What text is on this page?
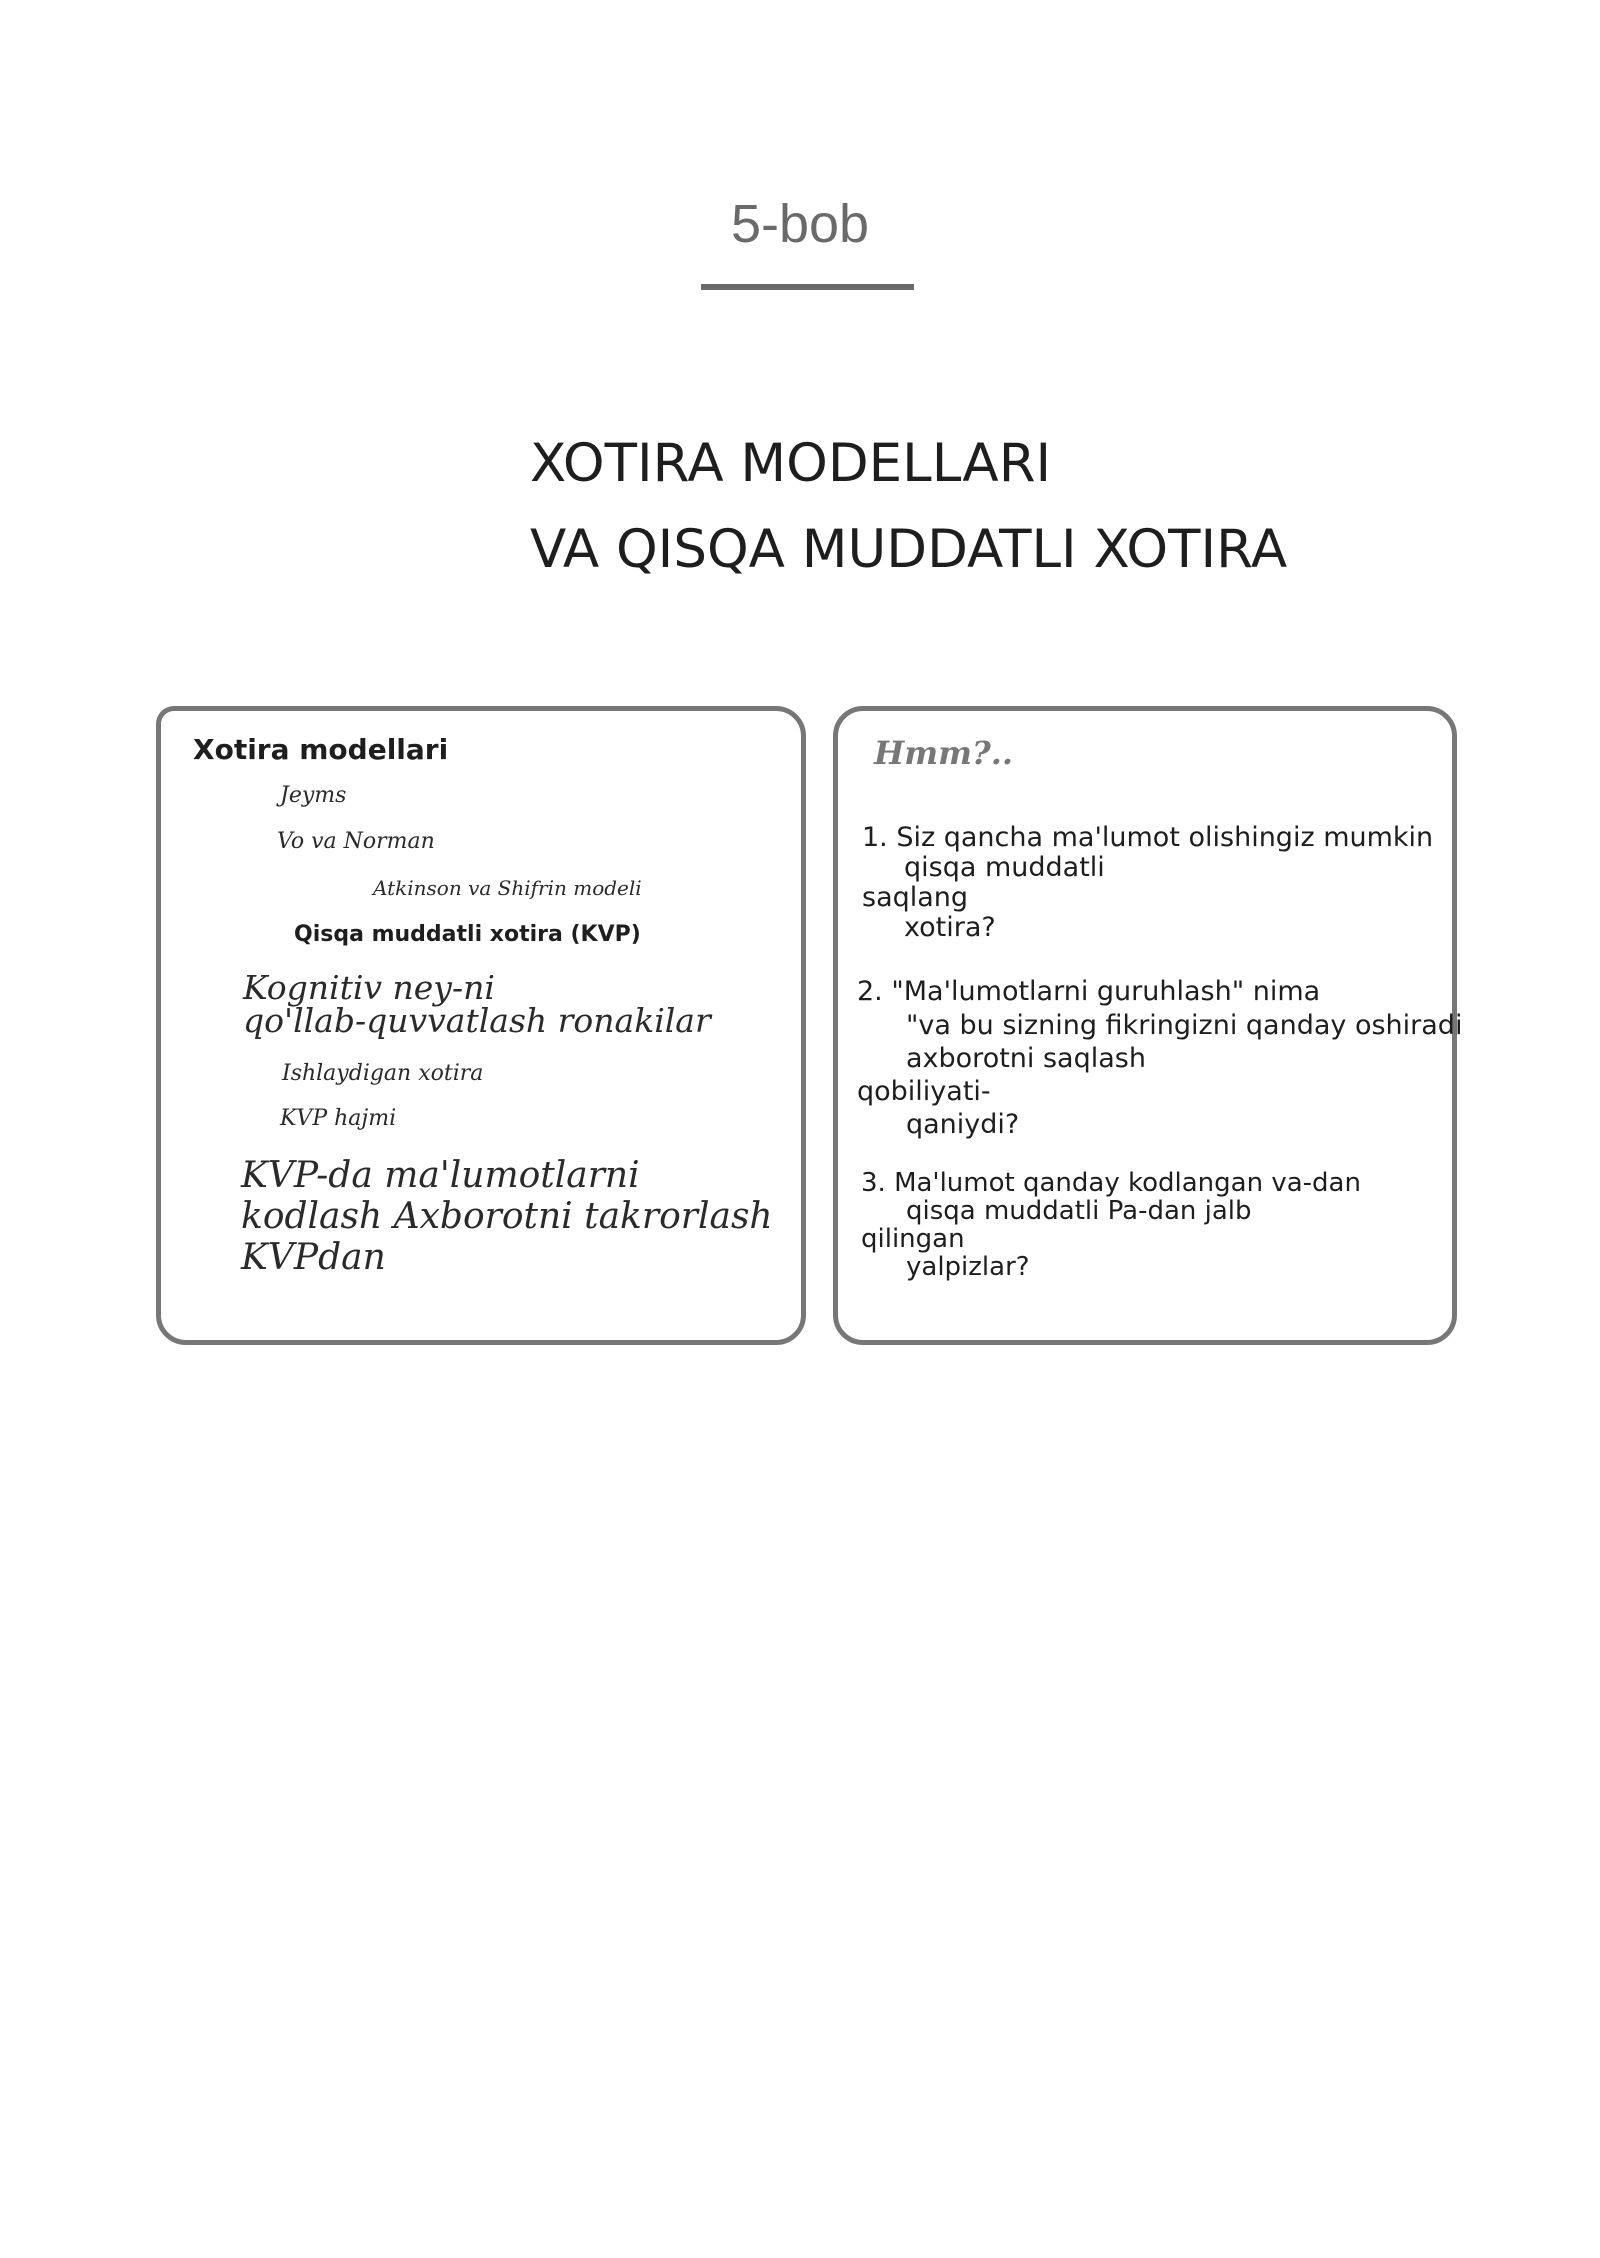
5-bob
XOTIRA MODELLARI
VA QISQA MUDDATLI XOTIRA
Xotira modellari
Jeyms
Vo va Norman
Atkinson va Shifrin modeli
Qisqa muddatli xotira (KVP)
Kognitiv ney-ni
qo'llab-quvvatlash ronakilar
Ishlaydigan xotira
KVP hajmi
KVP-da ma'lumotlarni
kodlash Axborotni takrorlash
KVPdan
Hmm?..
1. Siz qancha ma'lumot olishingiz mumkin
qisqa muddatli
saqlang
xotira?
2. "Ma'lumotlarni guruhlash" nima
"va bu sizning fikringizni qanday oshiradi
axborotni saqlash
qobiliyati-
qaniydi?
3. Ma'lumot qanday kodlangan va-dan
qisqa muddatli Pa-dan jalb
qilingan
yalpizlar?
